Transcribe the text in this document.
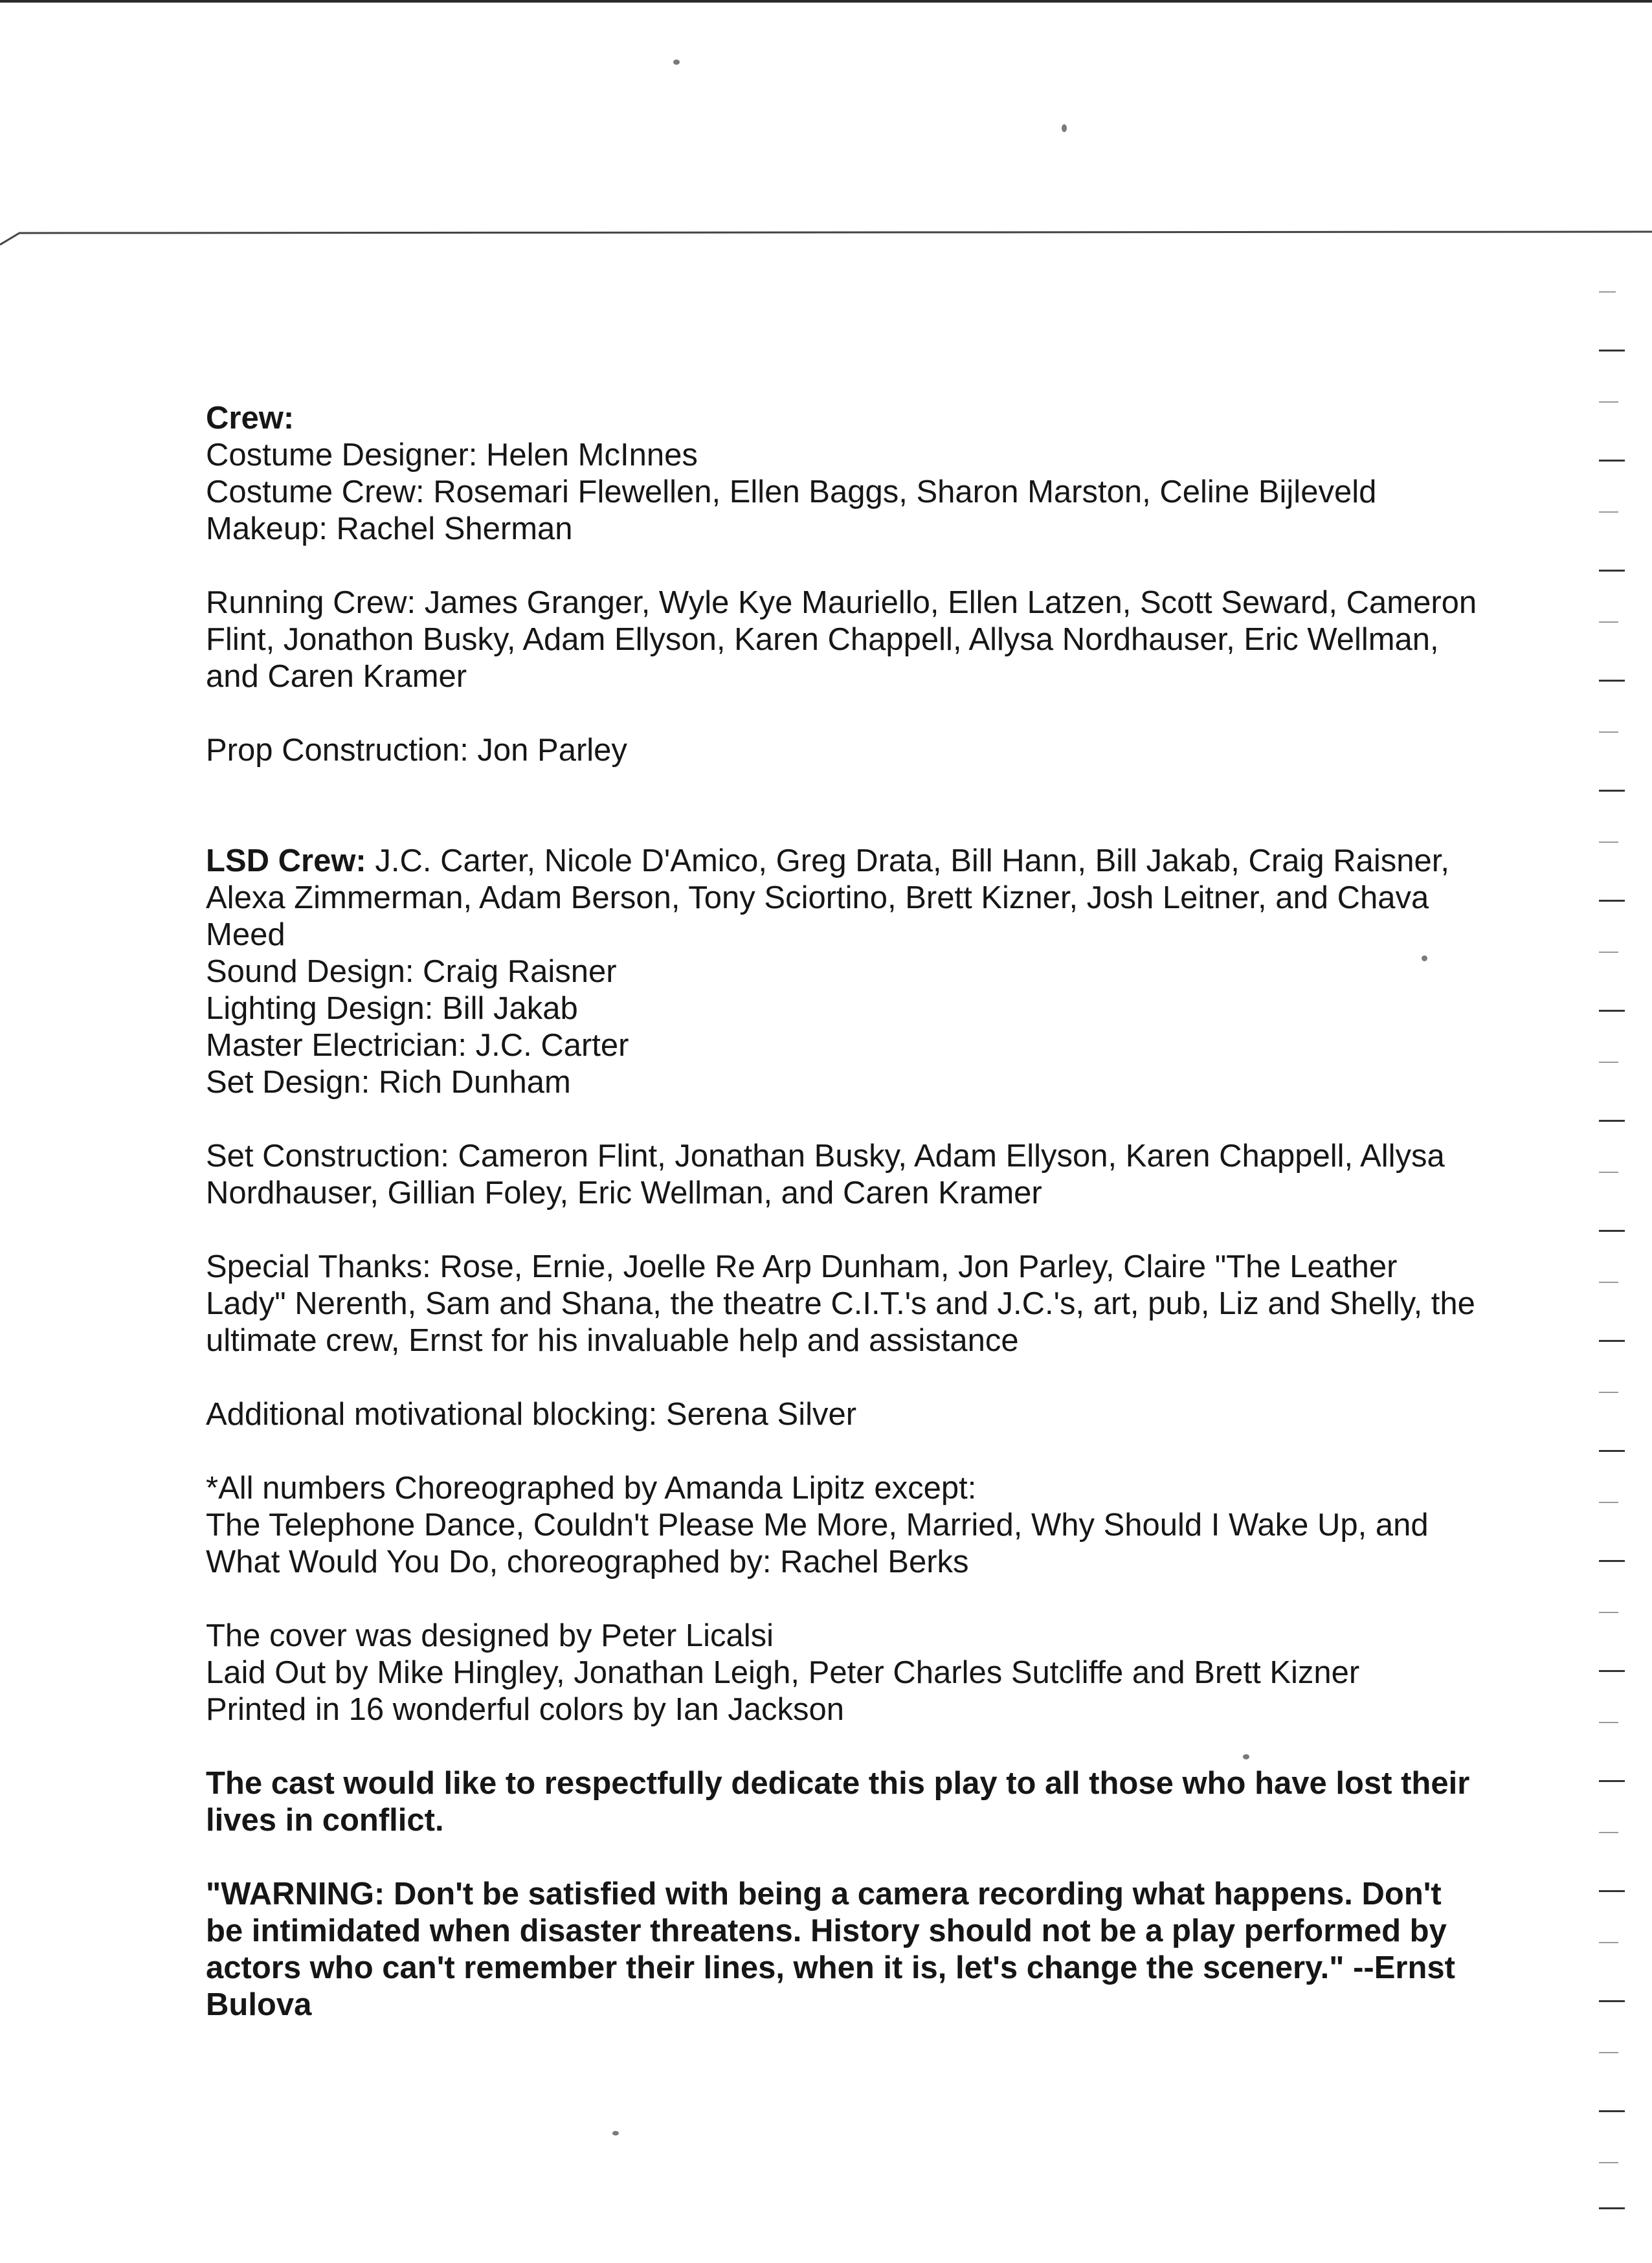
Crew:
Costume Designer: Helen McInnes
Costume Crew: Rosemari Flewellen, Ellen Baggs, Sharon Marston, Celine Bijleveld
Makeup: Rachel Sherman
Running Crew: James Granger, Wyle Kye Mauriello, Ellen Latzen, Scott Seward, Cameron
Flint, Jonathon Busky, Adam Ellyson, Karen Chappell, Allysa Nordhauser, Eric Wellman,
and Caren Kramer
Prop Construction: Jon Parley
LSD Crew: J.C. Carter, Nicole D'Amico, Greg Drata, Bill Hann, Bill Jakab, Craig Raisner,
Alexa Zimmerman, Adam Berson, Tony Sciortino, Brett Kizner, Josh Leitner, and Chava
Meed
Sound Design: Craig Raisner
Lighting Design: Bill Jakab
Master Electrician: J.C. Carter
Set Design: Rich Dunham
Set Construction: Cameron Flint, Jonathan Busky, Adam Ellyson, Karen Chappell, Allysa
Nordhauser, Gillian Foley, Eric Wellman, and Caren Kramer
Special Thanks: Rose, Ernie, Joelle Re Arp Dunham, Jon Parley, Claire "The Leather
Lady" Nerenth, Sam and Shana, the theatre C.I.T.'s and J.C.'s, art, pub, Liz and Shelly, the
ultimate crew, Ernst for his invaluable help and assistance
Additional motivational blocking: Serena Silver
*All numbers Choreographed by Amanda Lipitz except:
The Telephone Dance, Couldn't Please Me More, Married, Why Should I Wake Up, and
What Would You Do, choreographed by: Rachel Berks
The cover was designed by Peter Licalsi
Laid Out by Mike Hingley, Jonathan Leigh, Peter Charles Sutcliffe and Brett Kizner
Printed in 16 wonderful colors by Ian Jackson
The cast would like to respectfully dedicate this play to all those who have lost their
lives in conflict.
"WARNING: Don't be satisfied with being a camera recording what happens. Don't
be intimidated when disaster threatens. History should not be a play performed by
actors who can't remember their lines, when it is, let's change the scenery." --Ernst
Bulova
